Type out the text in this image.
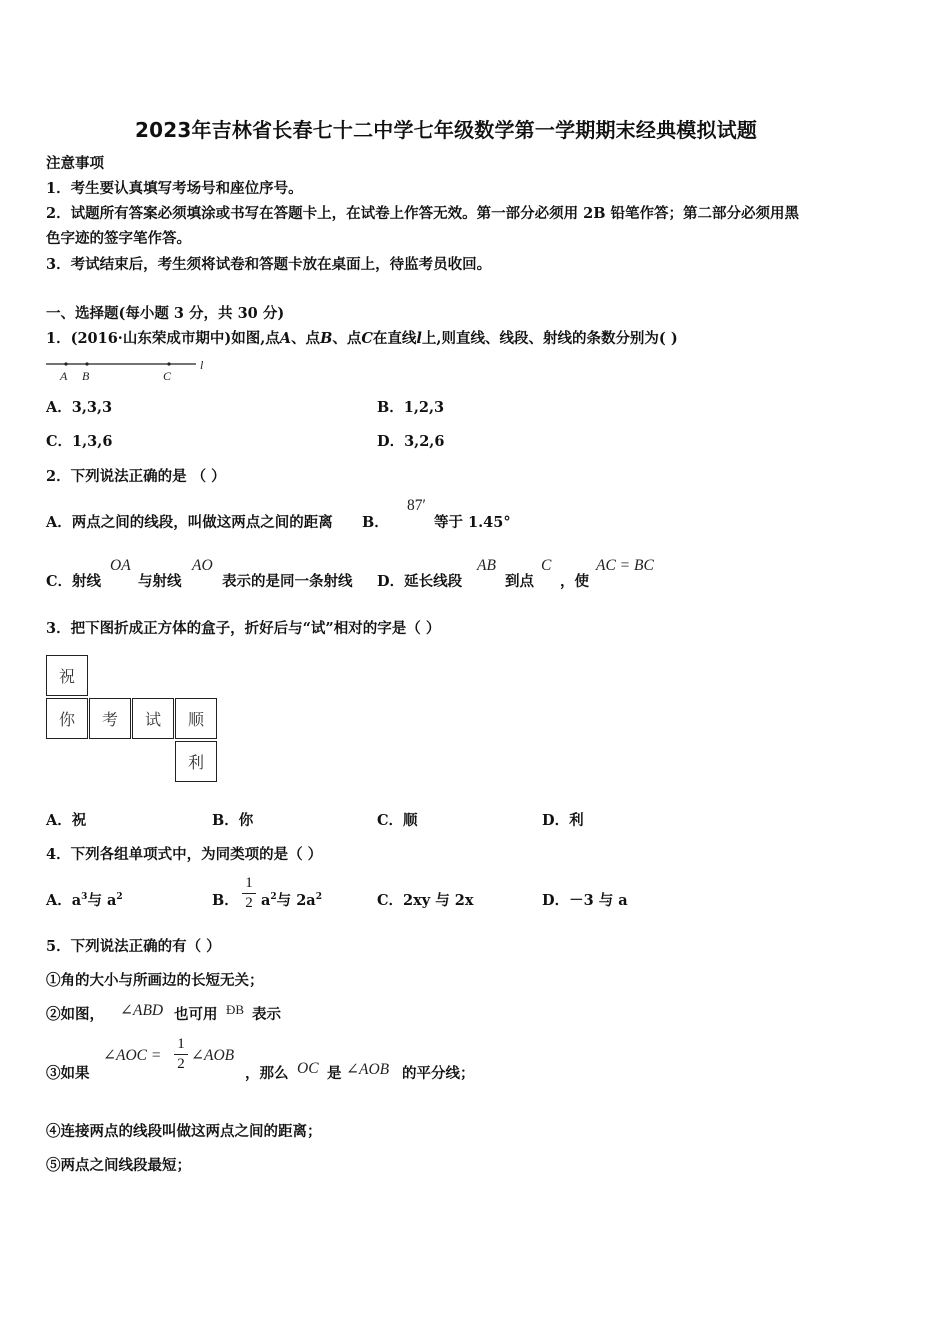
2023年吉林省长春七十二中学七年级数学第一学期期末经典模拟试题
注意事项
1．考生要认真填写考场号和座位序号。
2．试题所有答案必须填涂或书写在答题卡上，在试卷上作答无效。第一部分必须用 2B 铅笔作答；第二部分必须用黑
色字迹的签字笔作答。
3．考试结束后，考生须将试卷和答题卡放在桌面上，待监考员收回。
一、选择题(每小题 3 分，共 30 分)
1．(2016·山东荣成市期中)如图,点A、点B、点C在直线l上,则直线、线段、射线的条数分别为( )
A B	C
l
A．3,3,3	B．1,2,3
C．1,3,6	D．3,2,6
2．下列说法正确的是 （ ）
A．两点之间的线段，叫做这两点之间的距离 B．
87′
等于 1.45°
C．射线
OA
与射线
AO
表示的是同一条射线 D．延长线段
AB
到点
C
，使
AC = BC
3．把下图折成正方体的盒子，折好后与“试”相对的字是（ ）
祝
你	考	试	顺
利
A．祝	B．你	C．顺	D．利
4．下列各组单项式中，为同类项的是（ ）
A．$a^3$与 $a^2$	B．
1
2 $a^2$与 $2a^2$	C．2xy 与 2x	D．－3 与 a
5．下列说法正确的有（ ）
①角的大小与所画边的长短无关；
②如图， ∠ABD 也可用 ÐB 表示
③如果
∠AOC =
1
2 ∠AOB
，那么 OC 是 ∠AOB 的平分线；
④连接两点的线段叫做这两点之间的距离；
⑤两点之间线段最短；
